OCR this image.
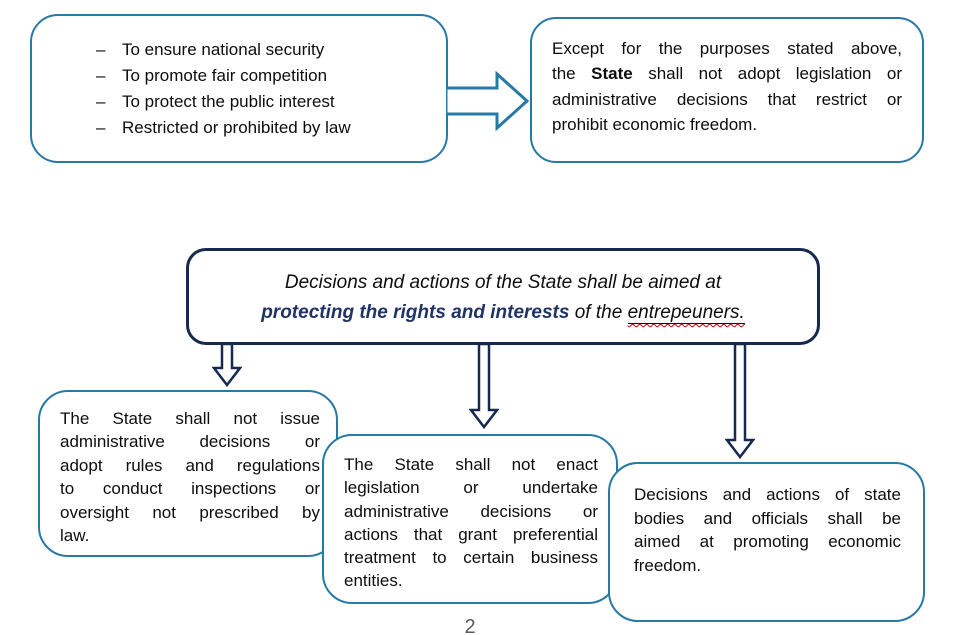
– To ensure national security
– To promote fair competition
– To protect the public interest
– Restricted or prohibited by law
Except for the purposes stated above,
the State shall not adopt legislation or
administrative decisions that restrict or
prohibit economic freedom.
Decisions and actions of the State shall be aimed at
protecting the rights and interests of the entrepeuners.
The State shall not issue
administrative decisions or
adopt rules and regulations
to conduct inspections or
oversight not prescribed by
law.
The State shall not enact
legislation or undertake
administrative decisions or
actions that grant preferential
treatment to certain business
entities.
Decisions and actions of state
bodies and officials shall be
aimed at promoting economic
freedom.
2
